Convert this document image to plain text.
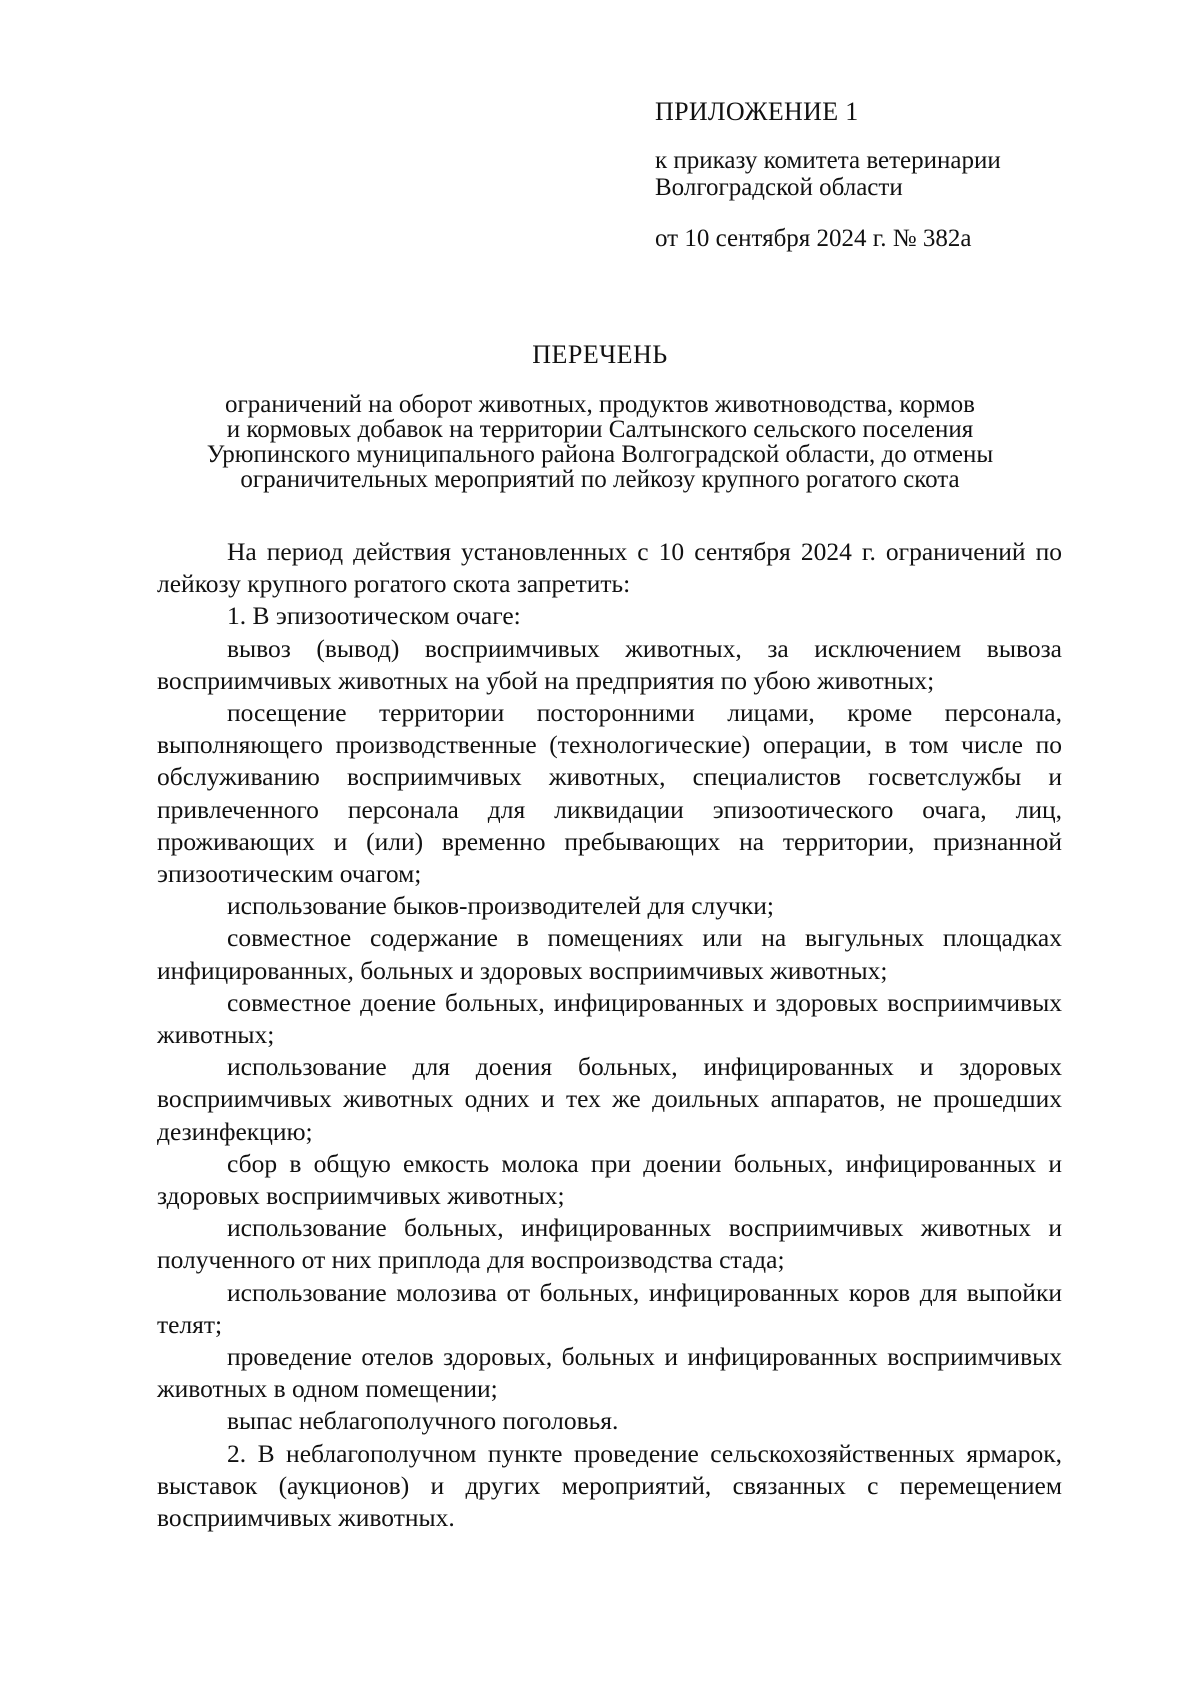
ПРИЛОЖЕНИЕ 1

к приказу комитета ветеринарии
Волгоградской области

от 10 сентября 2024 г. № 382а

ПЕРЕЧЕНЬ
ограничений на оборот животных, продуктов животноводства, кормов
и кормовых добавок на территории Салтынского сельского поселения
Урюпинского муниципального района Волгоградской области, до отмены
ограничительных мероприятий по лейкозу крупного рогатого скота

На период действия установленных с 10 сентября 2024 г. ограничений по лейкозу крупного рогатого скота запретить:

1. В эпизоотическом очаге:

вывоз (вывод) восприимчивых животных, за исключением вывоза восприимчивых животных на убой на предприятия по убою животных;

посещение территории посторонними лицами, кроме персонала, выполняющего производственные (технологические) операции, в том числе по обслуживанию восприимчивых животных, специалистов госветслужбы и привлеченного персонала для ликвидации эпизоотического очага, лиц, проживающих и (или) временно пребывающих на территории, признанной эпизоотическим очагом;

использование быков-производителей для случки;

совместное содержание в помещениях или на выгульных площадках инфицированных, больных и здоровых восприимчивых животных;

совместное доение больных, инфицированных и здоровых восприимчивых животных;

использование для доения больных, инфицированных и здоровых восприимчивых животных одних и тех же доильных аппаратов, не прошедших дезинфекцию;

сбор в общую емкость молока при доении больных, инфицированных и здоровых восприимчивых животных;

использование больных, инфицированных восприимчивых животных и полученного от них приплода для воспроизводства стада;

использование молозива от больных, инфицированных коров для выпойки телят;

проведение отелов здоровых, больных и инфицированных восприимчивых животных в одном помещении;

выпас неблагополучного поголовья.

2. В неблагополучном пункте проведение сельскохозяйственных ярмарок, выставок (аукционов) и других мероприятий, связанных с перемещением восприимчивых животных.
